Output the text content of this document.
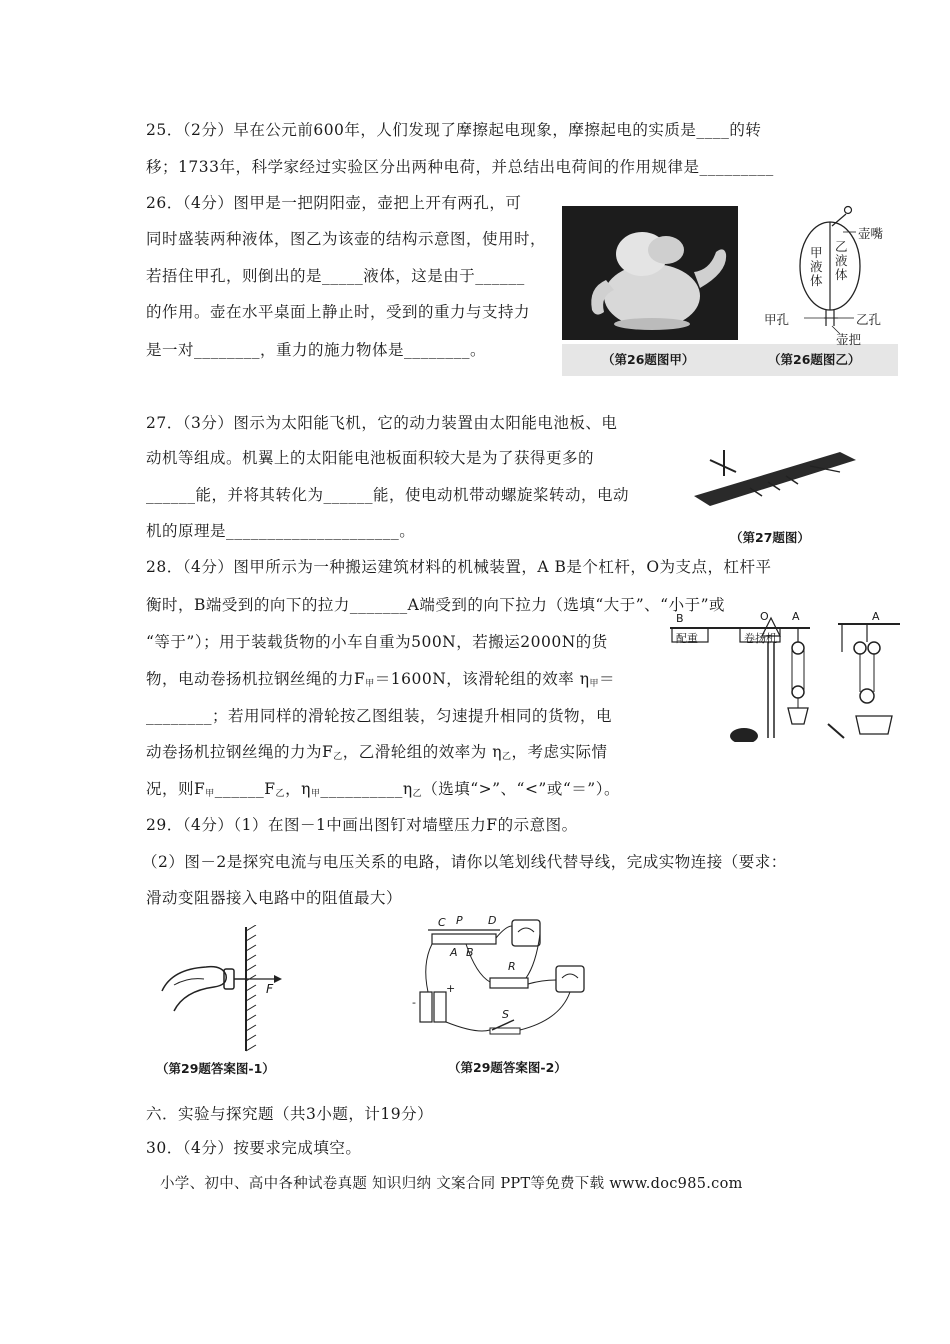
25．（2分）早在公元前600年，人们发现了摩擦起电现象，摩擦起电的实质是____的转
移；1733年，科学家经过实验区分出两种电荷，并总结出电荷间的作用规律是_________
26．（4分）图甲是一把阴阳壶，壶把上开有两孔，可
同时盛装两种液体，图乙为该壶的结构示意图，使用时，
若捂住甲孔，则倒出的是_____液体，这是由于______
的作用。壶在水平桌面上静止时，受到的重力与支持力
是一对________，重力的施力物体是________。
壶嘴
甲液体
乙液体
甲孔	乙孔
壶把
（第26题图甲）	（第26题图乙）
27．（3分）图示为太阳能飞机，它的动力装置由太阳能电池板、电
动机等组成。机翼上的太阳能电池板面积较大是为了获得更多的
______能，并将其转化为______能，使电动机带动螺旋桨转动，电动
机的原理是_____________________。	（第27题图）
28．（4分）图甲所示为一种搬运建筑材料的机械装置，A B是个杠杆，O为支点，杠杆平
衡时，B端受到的向下的拉力_______A端受到的向下拉力（选填“大于”、“小于”或
“等于”）；用于装载货物的小车自重为500N，若搬运2000N的货
物，电动卷扬机拉钢丝绳的力$F_甲=1600N$，该滑轮组的效率 $\eta_甲=$
________；若用同样的滑轮按乙图组装，匀速提升相同的货物，电
动卷扬机拉钢丝绳的力为$F_乙$，乙滑轮组的效率为 $\eta_乙$，考虑实际情
况，则$F_甲\_\_\_\_\_\_F_乙$，$\eta_甲\_\_\_\_\_\_\_\_\_\_\eta_乙$（选填“>”、“<”或“＝”）。
B
配重	卷扬机
O A	A
29．（4分）（1）在图－1中画出图钉对墙壁压力F的示意图。
（2）图－2是探究电流与电压关系的电路，请你以笔划线代替导线，完成实物连接（要求：
滑动变阻器接入电路中的阻值最大）
F
（第29题答案图-1）
C P D
A B
R
S
-
+
（第29题答案图-2）
六．实验与探究题（共3小题，计19分）
30．（4分）按要求完成填空。
小学、初中、高中各种试卷真题 知识归纳 文案合同 PPT等免费下载 www.doc985.com
